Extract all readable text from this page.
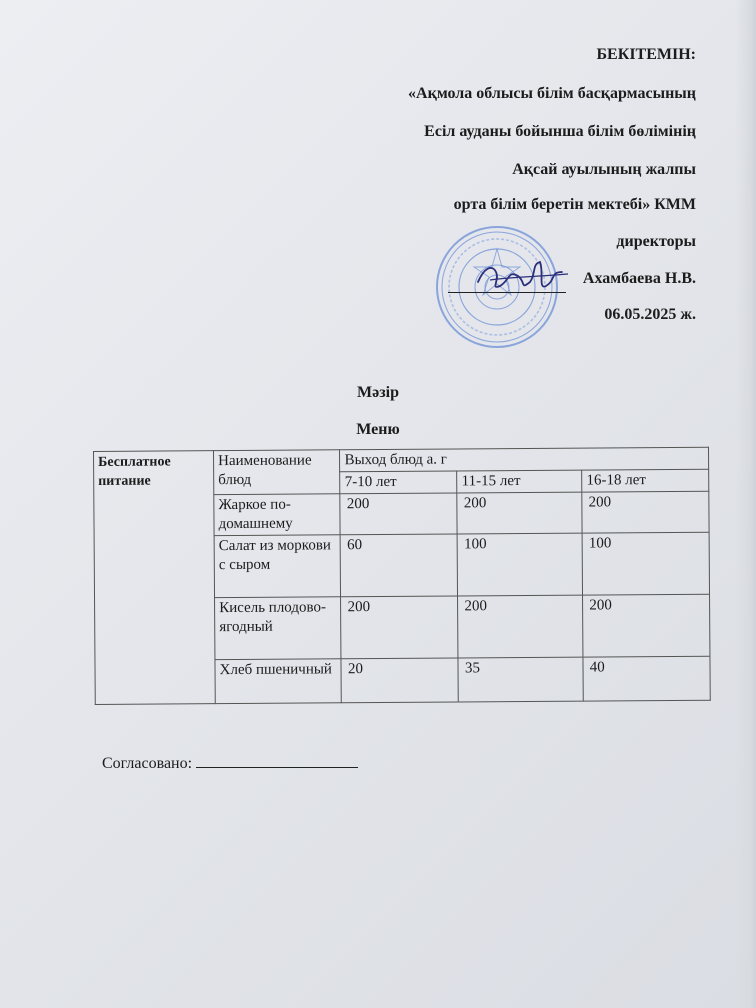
БЕКІТЕМІН:
«Ақмола облысы білім басқармасының
Есіл ауданы бойынша білім бөлімінің
Ақсай ауылының жалпы
орта білім беретін мектебі» КММ
директоры
Ахамбаева Н.В.
06.05.2025 ж.
Мәзір
Меню
Бесплатное питание	Наименование блюд	Выход блюд а. г		
		7-10 лет	11-15 лет	16-18 лет
	Жаркое по-домашнему	200	200	200
	Салат из моркови с сыром	60	100	100
	Кисель плодово-ягодный	200	200	200
	Хлеб пшеничный	20	35	40
Согласовано:
